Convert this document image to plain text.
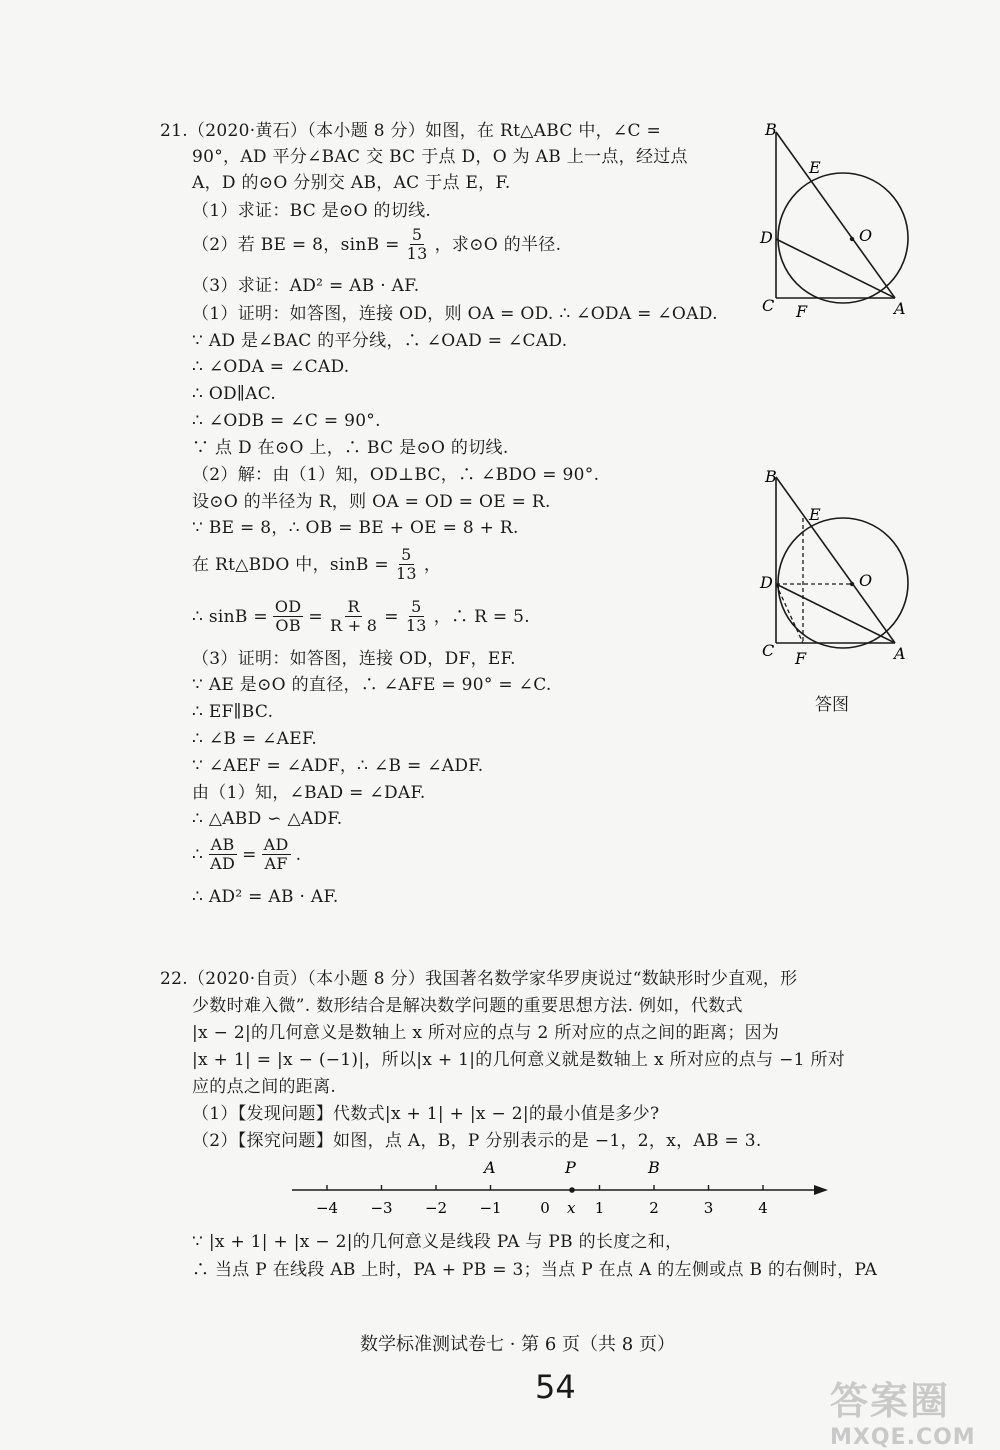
21.（2020·黄石）（本小题 8 分）如图，在 Rt△ABC 中，∠C =
90°，AD 平分∠BAC 交 BC 于点 D，O 为 AB 上一点，经过点
A，D 的⊙O 分别交 AB，AC 于点 E，F.
（1）求证：BC 是⊙O 的切线.
（2）若 BE = 8，$\sin B = \frac{5}{13}$ ，求⊙O 的半径.
（3）求证：AD² = AB · AF.
（1）证明：如答图，连接 OD，则 OA = OD. ∴ ∠ODA = ∠OAD.
∵ AD 是∠BAC 的平分线，∴ ∠OAD = ∠CAD.
∴ ∠ODA = ∠CAD.
∴ OD∥AC.
∴ ∠ODB = ∠C = 90°.
∵ 点 D 在⊙O 上，∴ BC 是⊙O 的切线.
（2）解：由（1）知，OD⊥BC，∴ ∠BDO = 90°.
设⊙O 的半径为 R，则 OA = OD = OE = R.
∵ BE = 8，∴ OB = BE + OE = 8 + R.
在 Rt△BDO 中，$\sin B = \frac{5}{13}$ ，
∴ $\sin B = \frac{OD}{OB} = \frac{R}{R + 8} = \frac{5}{13}$ ，∴ R = 5.
（3）证明：如答图，连接 OD，DF，EF.
∵ AE 是⊙O 的直径，∴ ∠AFE = 90° = ∠C.
∴ EF∥BC.
∴ ∠B = ∠AEF.
∵ ∠AEF = ∠ADF，∴ ∠B = ∠ADF.
由（1）知，∠BAD = ∠DAF.
∴ △ABD ∽ △ADF.
∴ $\frac{AB}{AD} = \frac{AD}{AF}$ .
∴ AD² = AB · AF.
B
E
D	O
C F	A
B
E
D	O
C F	A
答图
22.（2020·自贡）（本小题 8 分）我国著名数学家华罗庚说过“数缺形时少直观，形
少数时难入微”. 数形结合是解决数学问题的重要思想方法. 例如，代数式
|x − 2|的几何意义是数轴上 x 所对应的点与 2 所对应的点之间的距离；因为
|x + 1| = |x − (−1)|，所以|x + 1|的几何意义就是数轴上 x 所对应的点与 −1 所对
应的点之间的距离.
（1）【发现问题】代数式|x + 1| + |x − 2|的最小值是多少?
（2）【探究问题】如图，点 A，B，P 分别表示的是 −1，2，x，AB = 3.
−4 −3 −2 −1	0	1	2	3	4
A	P	B
x
∵ |x + 1| + |x − 2|的几何意义是线段 PA 与 PB 的长度之和，
∴ 当点 P 在线段 AB 上时，PA + PB = 3；当点 P 在点 A 的左侧或点 B 的右侧时，PA
数学标准测试卷七 · 第 6 页（共 8 页）
54	答案圈
MXQE.COM
